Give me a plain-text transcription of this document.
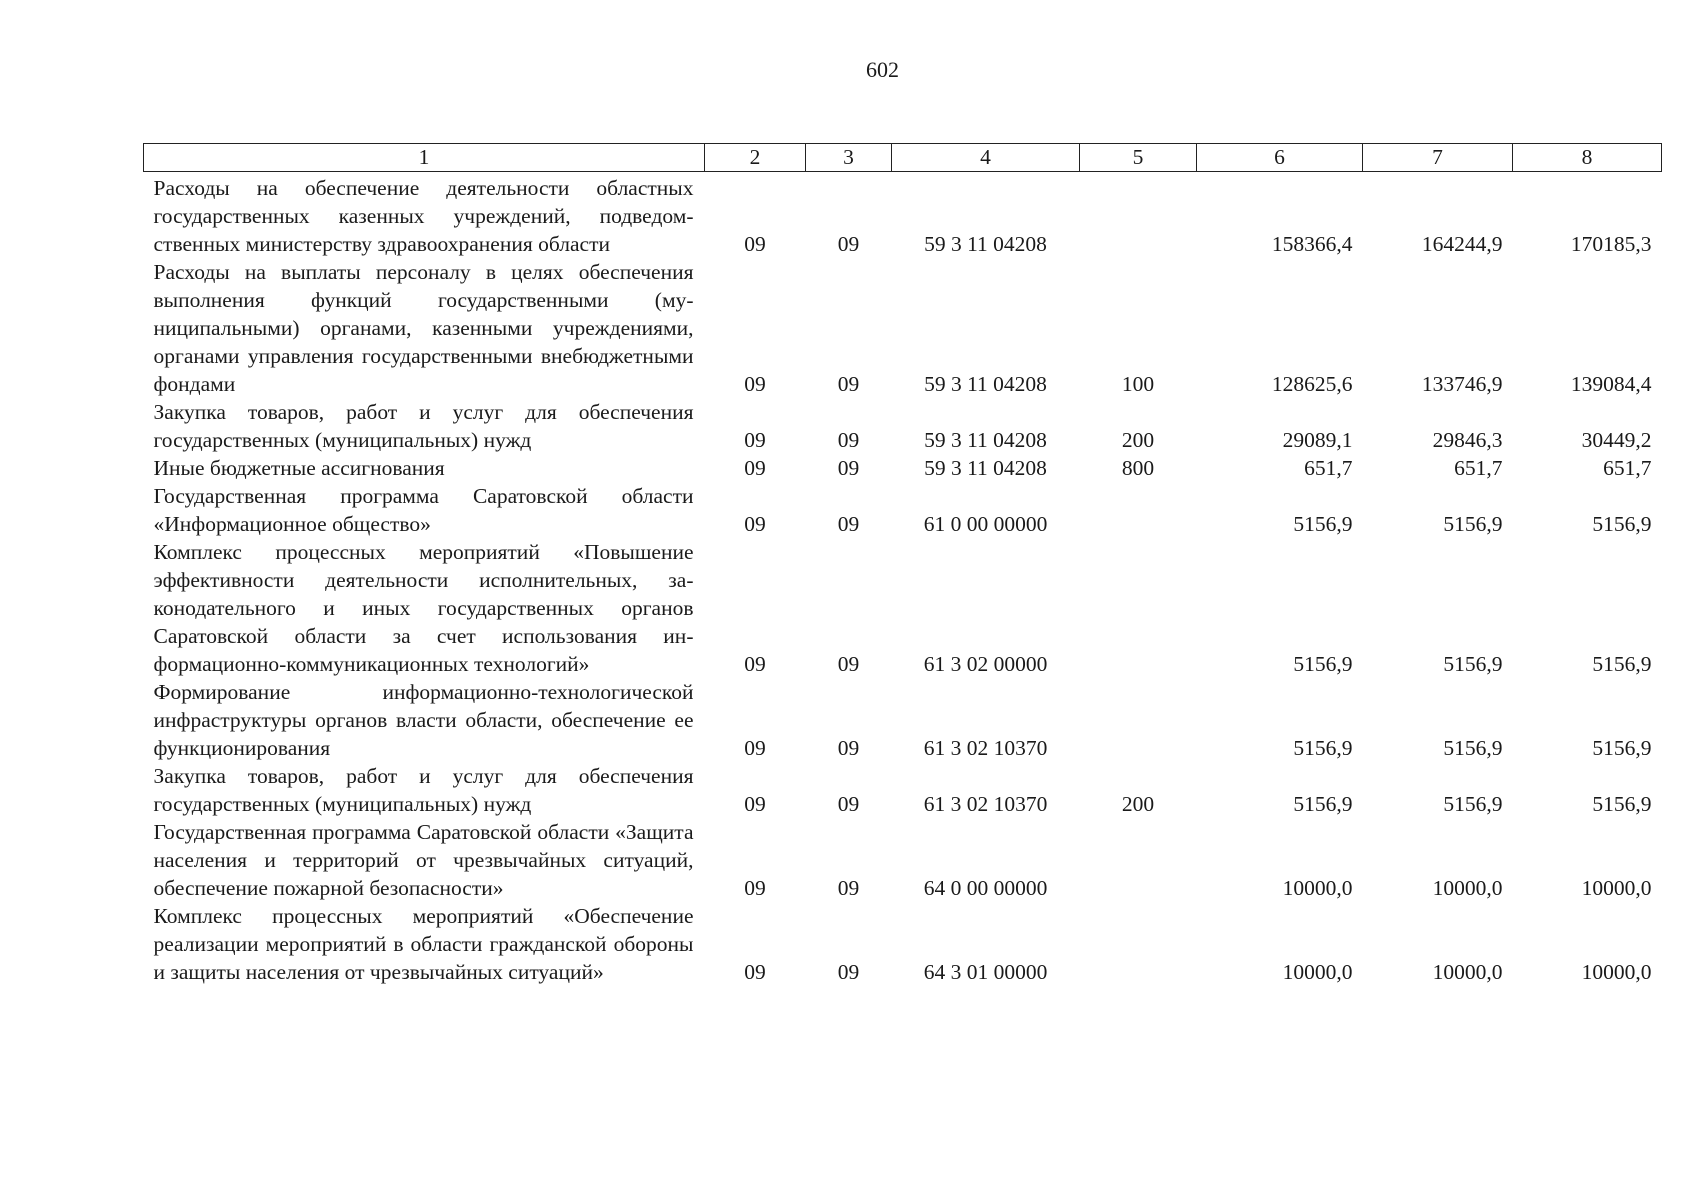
602
1	2	3	4	5	6	7	8
Расходы на обеспечение деятельности областных государственных казенных учреждений, подведомственных министерству здравоохранения области	09	09	59 3 11 04208		158366,4	164244,9	170185,3
Расходы на выплаты персоналу в целях обеспечения выполнения функций государственными (муниципальными) органами, казенными учреждениями, органами управления государственными внебюджетными фондами	09	09	59 3 11 04208	100	128625,6	133746,9	139084,4
Закупка товаров, работ и услуг для обеспечения государственных (муниципальных) нужд	09	09	59 3 11 04208	200	29089,1	29846,3	30449,2
Иные бюджетные ассигнования	09	09	59 3 11 04208	800	651,7	651,7	651,7
Государственная программа Саратовской области «Информационное общество»	09	09	61 0 00 00000		5156,9	5156,9	5156,9
Комплекс процессных мероприятий «Повышение эффективности деятельности исполнительных, законодательного и иных государственных органов Саратовской области за счет использования информационно-коммуникационных технологий»	09	09	61 3 02 00000		5156,9	5156,9	5156,9
Формирование информационно-технологической инфраструктуры органов власти области, обеспечение ее функционирования	09	09	61 3 02 10370		5156,9	5156,9	5156,9
Закупка товаров, работ и услуг для обеспечения государственных (муниципальных) нужд	09	09	61 3 02 10370	200	5156,9	5156,9	5156,9
Государственная программа Саратовской области «Защита населения и территорий от чрезвычайных ситуаций, обеспечение пожарной безопасности»	09	09	64 0 00 00000		10000,0	10000,0	10000,0
Комплекс процессных мероприятий «Обеспечение реализации мероприятий в области гражданской обороны и защиты населения от чрезвычайных ситуаций»	09	09	64 3 01 00000		10000,0	10000,0	10000,0
